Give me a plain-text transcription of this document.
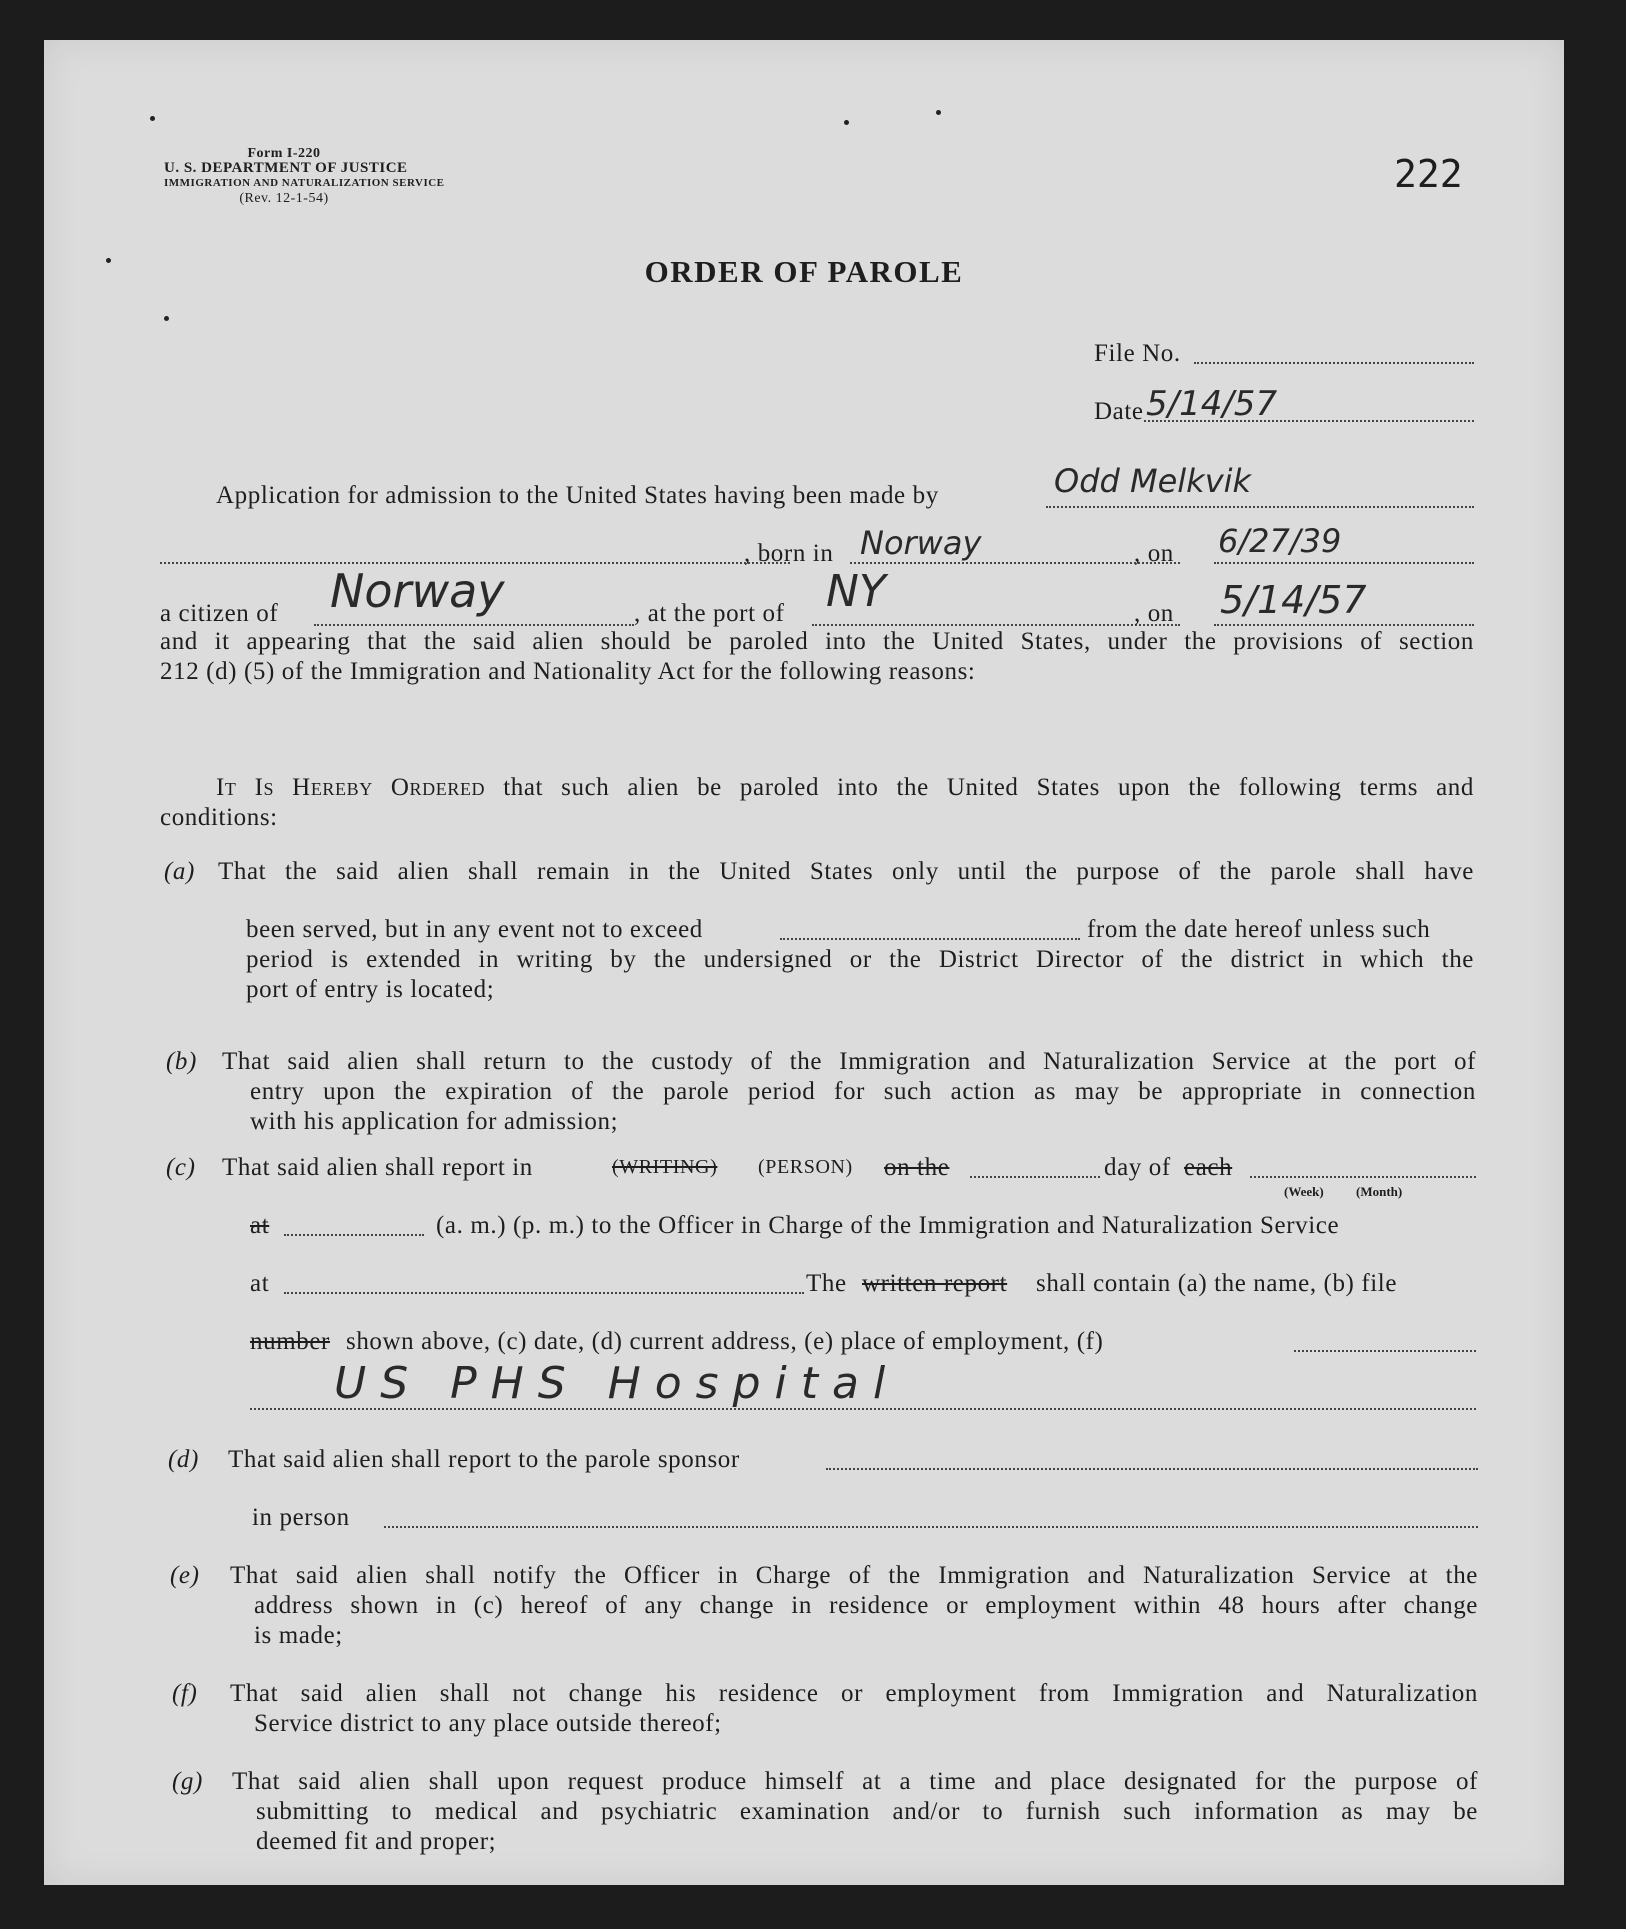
Form I-220
U. S. DEPARTMENT OF JUSTICE
IMMIGRATION AND NATURALIZATION SERVICE
(Rev. 12-1-54)
222
ORDER OF PAROLE
File No.
Date 5/14/57
Application for admission to the United States having been made by	Odd Melkvik
, born in Norway	, on 6/27/39
a citizen of Norway	, at the port of NY	, on 5/14/57
and it appearing that the said alien should be paroled into the United States, under the provisions of section
212 (d) (5) of the Immigration and Nationality Act for the following reasons:
It Is Hereby Ordered that such alien be paroled into the United States upon the following terms and
conditions:
(a) That the said alien shall remain in the United States only until the purpose of the parole shall have
been served, but in any event not to exceed	from the date hereof unless such
period is extended in writing by the undersigned or the District Director of the district in which the
port of entry is located;
(b) That said alien shall return to the custody of the Immigration and Naturalization Service at the port of
entry upon the expiration of the parole period for such action as may be appropriate in connection
with his application for admission;
(c) That said alien shall report in	(WRITING) (PERSON) on the	day of each
(Week) (Month)
at	(a. m.) (p. m.) to the Officer in Charge of the Immigration and Naturalization Service
at	The written report shall contain (a) the name, (b) file
number shown above, (c) date, (d) current address, (e) place of employment, (f)
US PHS Hospital
(d) That said alien shall report to the parole sponsor
in person
(e) That said alien shall notify the Officer in Charge of the Immigration and Naturalization Service at the
address shown in (c) hereof of any change in residence or employment within 48 hours after change
is made;
(f) That said alien shall not change his residence or employment from Immigration and Naturalization
Service district to any place outside thereof;
(g) That said alien shall upon request produce himself at a time and place designated for the purpose of
submitting to medical and psychiatric examination and/or to furnish such information as may be
deemed fit and proper;
